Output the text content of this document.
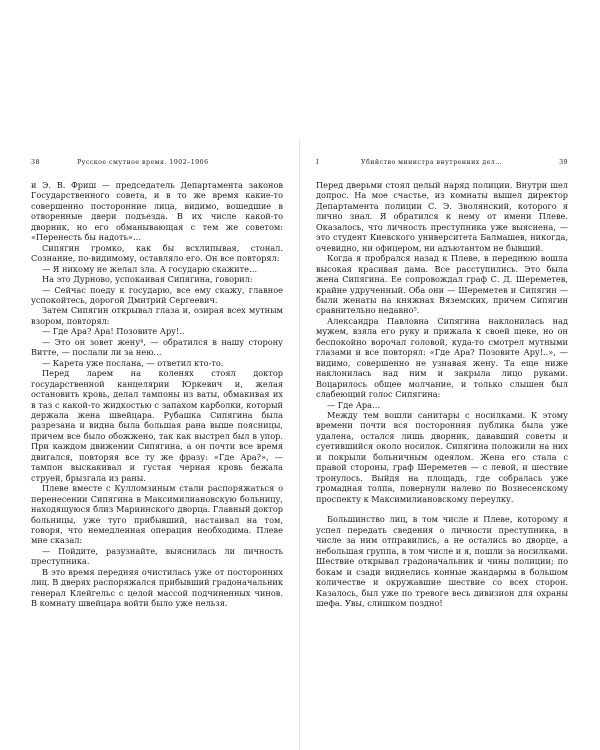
38	Русское смутное время. 1902–1906

и Э. В. Фриш — председатель Департамента законов Государственного совета, и в то же время какие-то совершенно посторонние лица, видимо, вошедшие в отворенные двери подъезда. В их числе какой-то дворник, но его обманывающая с тем же советом: «Перенесть бы надоть»…

Сипягин громко, как бы всхлипывая, стонал. Сознание, по-видимому, оставляло его. Он все повторял:

— Я никому не желал зла. А государю скажите…

На это Дурново, успокаивая Сипягина, говорил:

— Сейчас поеду к государю, все ему скажу, главное успокойтесь, дорогой Дмитрий Сергеевич.

Затем Сипягин открывал глаза и, озирая всех мутным взором, повторял:

— Где Ара? Ара! Позовите Ару!..

— Это он зовет жену⁴, — обратился в нашу сторону Витте, — послали ли за нею…

— Карета уже послана, — ответил кто-то.

Перед ларем на коленях стоял доктор государственной канцелярии Юркевич и, желая остановить кровь, делал тампоны из ваты, обмакивая их в таз с какой-то жидкостью с запахом карболки, который держала жена швейцара. Рубашка Сипягина была разрезана и видна была большая рана выше поясницы, причем все было обожжено, так как выстрел был в упор. При каждом движении Сипягина, а он почти все время двигался, повторяя все ту же фразу: «Где Ара?», — тампон выскакивал и густая черная кровь бежала струей, брызгала из раны.

Плеве вместе с Кулломзиным стали распоряжаться о перенесении Сипягина в Максимилиановскую больницу, находящуюся близ Мариинского дворца. Главный доктор больницы, уже туго прибывший, настаивал на том, говоря, что немедленная операция необходима. Плеве мне сказал:

— Пойдите, разузнайте, выяснилась ли личность преступника.

В это время передняя очистилась уже от посторонних лиц. В дверях распоряжался прибывший градоначальник генерал Клейгельс с целой массой подчиненных чинов. В комнату швейцара войти было уже нельзя.

I	Убийство министра внутренних дел…	39

Перед дверьми стоял целый наряд полиции. Внутри шел допрос. На мое счастье, из комнаты вышел директор Департамента полиции С. Э. Зволянский, которого я лично знал. Я обратился к нему от имени Плеве. Оказалось, что личность преступника уже выяснена, — это студент Киевского университета Балмашев, никогда, очевидно, ни офицером, ни адъютантом не бывший.

Когда я пробрался назад к Плеве, в переднюю вошла высокая красивая дама. Все расступились. Это была жена Сипягина. Ее сопровождал граф С. Д. Шереметев, крайне удрученный. Оба они — Шереметев и Сипягин — были женаты на княжнах Вяземских, причем Сипягин сравнительно недавно⁵.

Александра Павловна Сипягина наклонилась над мужем, взяла его руку и прижала к своей щеке, но он беспокойно ворочал головой, куда-то смотрел мутными глазами и все повторял: «Где Ара? Позовите Ару!..», — видимо, совершенно не узнавая жену. Та еще ниже наклонилась над ним и закрыла лицо руками. Воцарилось общее молчание, и только слышен был слабеющий голос Сипягина:

— Где Ара…

Между тем вошли санитары с носилками. К этому времени почти вся посторонняя публика была уже удалена, остался лишь дворник, дававший советы и суетившийся около носилок. Сипягина положили на них и покрыли больничным одеялом. Жена его стала с правой стороны, граф Шереметев — с левой, и шествие тронулось. Выйдя на площадь, где собралась уже громадная толпа, повернули налево по Вознесенскому проспекту к Максимилиановскому переулку.

Большинство лиц, в том числе и Плеве, которому я успел передать сведения о личности преступника, в числе за ним отправились, а не остались во дворце, а небольшая группа, в том числе и я, пошли за носилками. Шествие открывал градоначальник и чины полиции; по бокам и сзади виднелись конные жандармы в большом количестве и окружавшие шествие со всех сторон. Казалось, был уже по тревоге весь дивизион для охраны шефа. Увы, слишком поздно!
